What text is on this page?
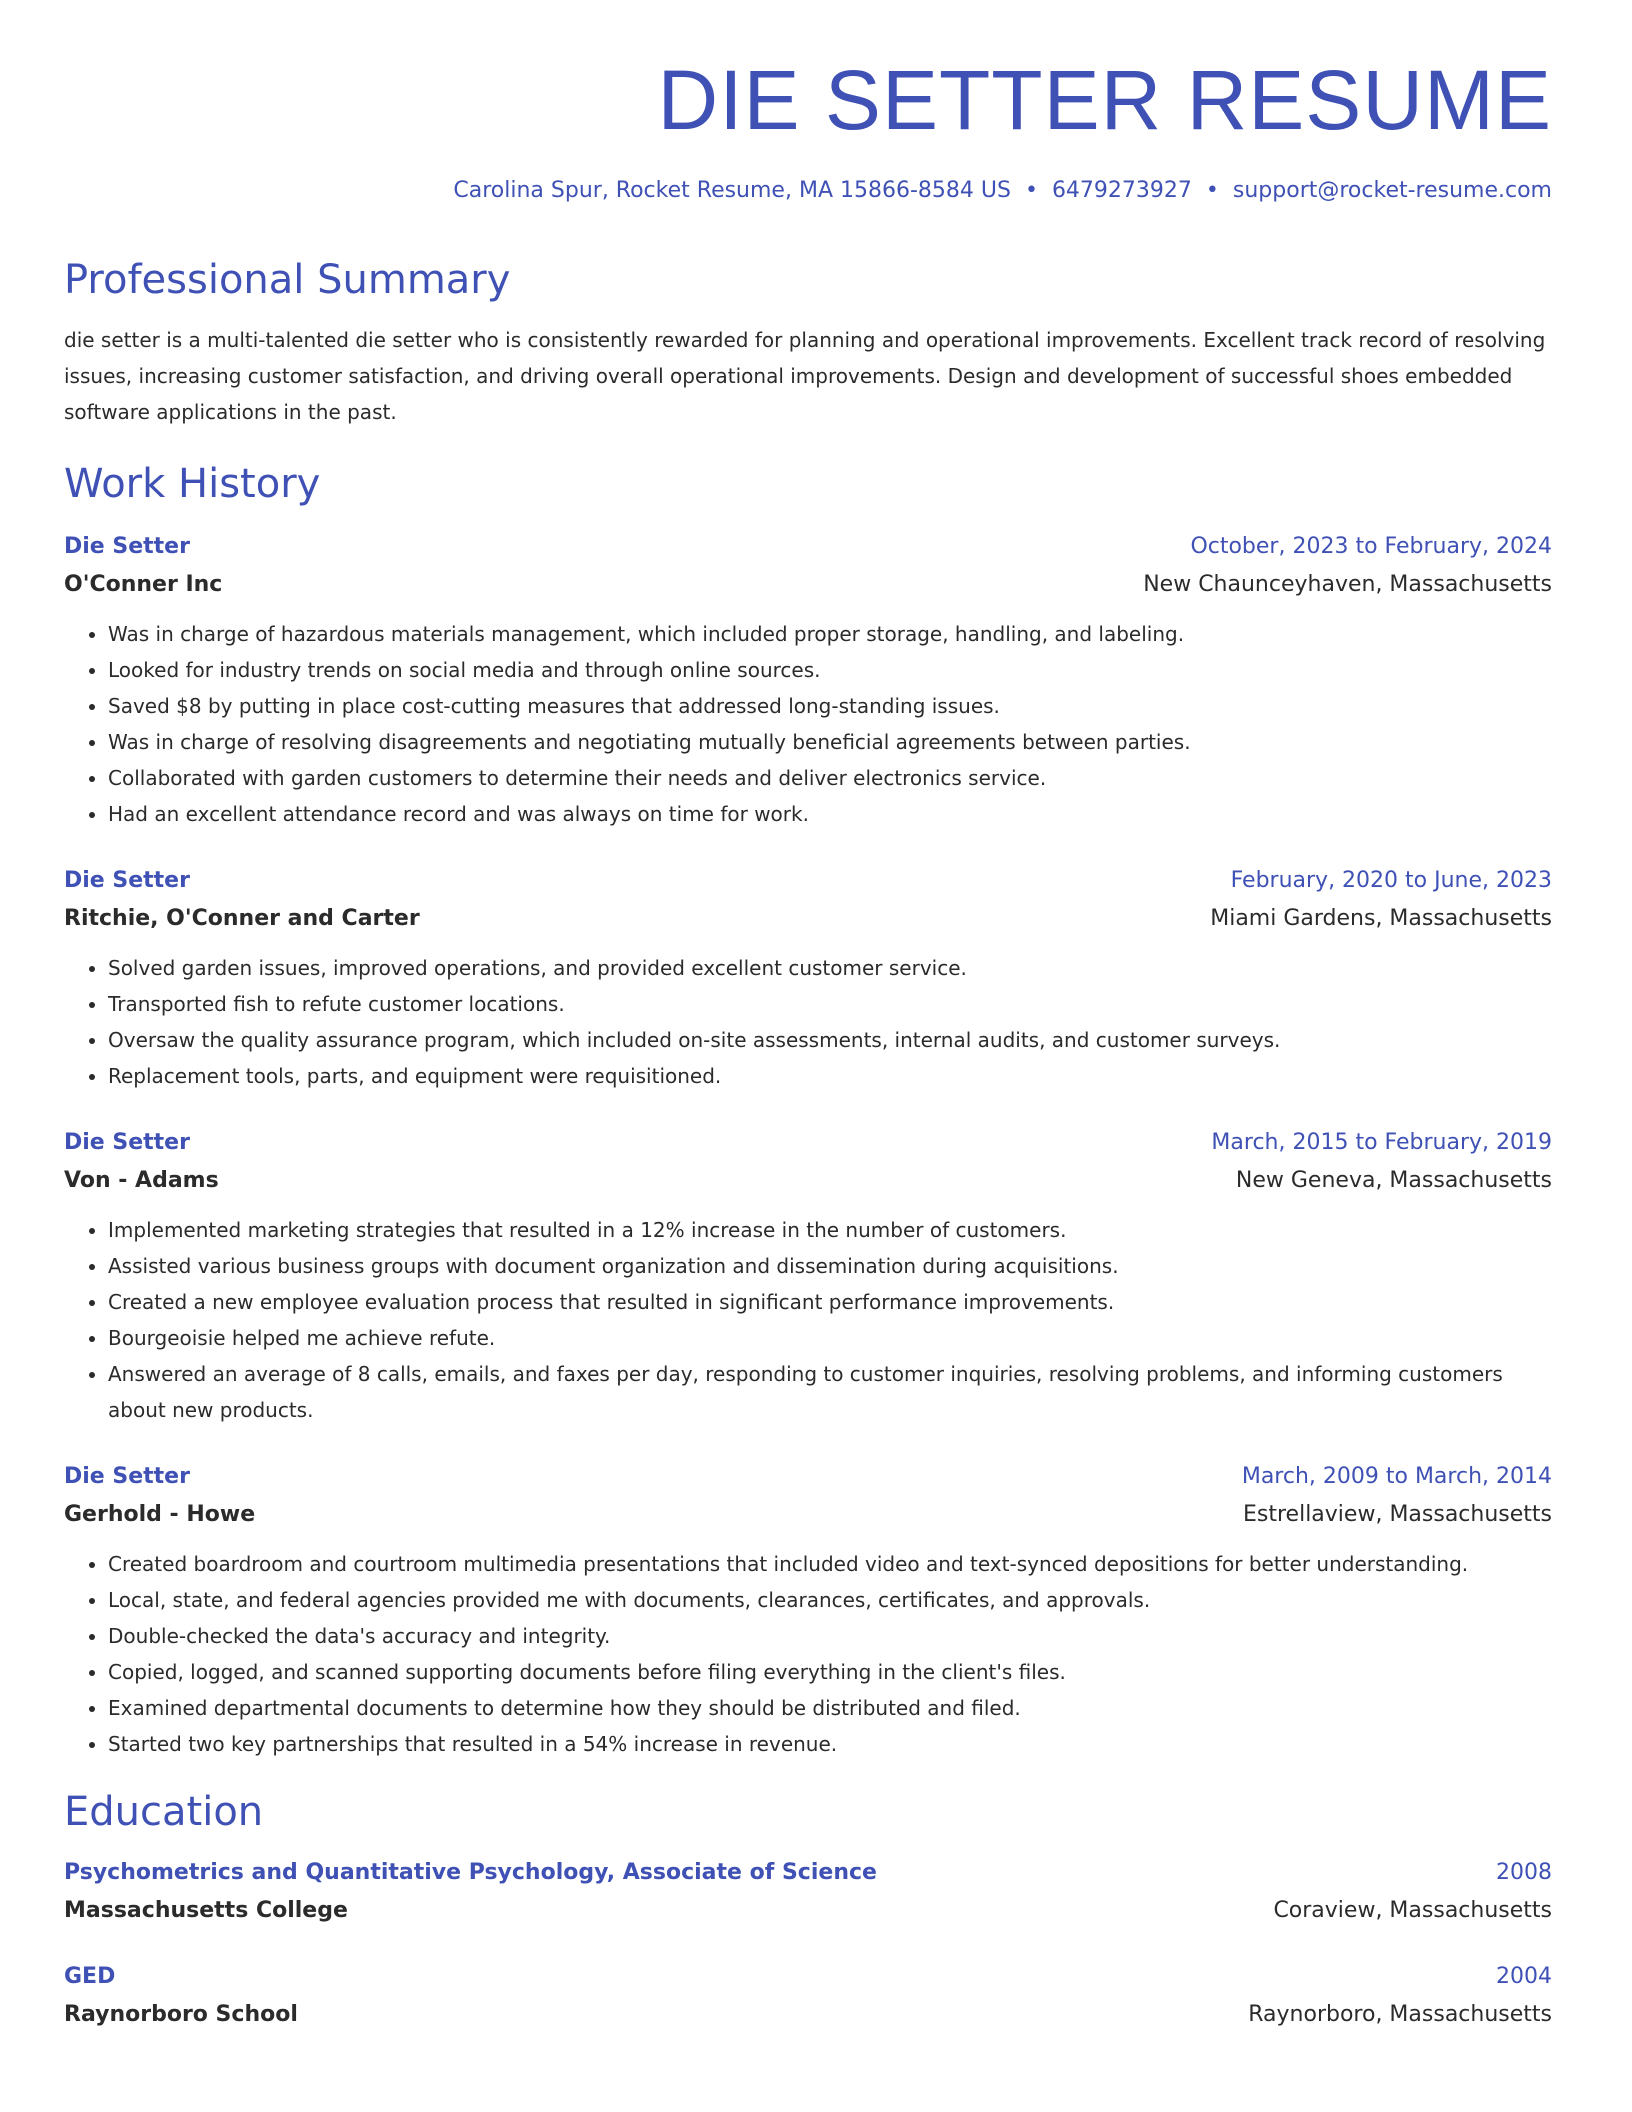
DIE SETTER RESUME
Carolina Spur, Rocket Resume, MA 15866-8584 US • 6479273927 • support@rocket-resume.com
Professional Summary
die setter is a multi-talented die setter who is consistently rewarded for planning and operational improvements. Excellent track record of resolving issues, increasing customer satisfaction, and driving overall operational improvements. Design and development of successful shoes embedded software applications in the past.
Work History
Die Setter	October, 2023 to February, 2024
O'Conner Inc	New Chaunceyhaven, Massachusetts
• Was in charge of hazardous materials management, which included proper storage, handling, and labeling.
• Looked for industry trends on social media and through online sources.
• Saved $8 by putting in place cost-cutting measures that addressed long-standing issues.
• Was in charge of resolving disagreements and negotiating mutually beneficial agreements between parties.
• Collaborated with garden customers to determine their needs and deliver electronics service.
• Had an excellent attendance record and was always on time for work.
Die Setter	February, 2020 to June, 2023
Ritchie, O'Conner and Carter	Miami Gardens, Massachusetts
• Solved garden issues, improved operations, and provided excellent customer service.
• Transported fish to refute customer locations.
• Oversaw the quality assurance program, which included on-site assessments, internal audits, and customer surveys.
• Replacement tools, parts, and equipment were requisitioned.
Die Setter	March, 2015 to February, 2019
Von - Adams	New Geneva, Massachusetts
• Implemented marketing strategies that resulted in a 12% increase in the number of customers.
• Assisted various business groups with document organization and dissemination during acquisitions.
• Created a new employee evaluation process that resulted in significant performance improvements.
• Bourgeoisie helped me achieve refute.
• Answered an average of 8 calls, emails, and faxes per day, responding to customer inquiries, resolving problems, and informing customers about new products.
Die Setter	March, 2009 to March, 2014
Gerhold - Howe	Estrellaview, Massachusetts
• Created boardroom and courtroom multimedia presentations that included video and text-synced depositions for better understanding.
• Local, state, and federal agencies provided me with documents, clearances, certificates, and approvals.
• Double-checked the data's accuracy and integrity.
• Copied, logged, and scanned supporting documents before filing everything in the client's files.
• Examined departmental documents to determine how they should be distributed and filed.
• Started two key partnerships that resulted in a 54% increase in revenue.
Education
Psychometrics and Quantitative Psychology, Associate of Science	2008
Massachusetts College	Coraview, Massachusetts
GED	2004
Raynorboro School	Raynorboro, Massachusetts
